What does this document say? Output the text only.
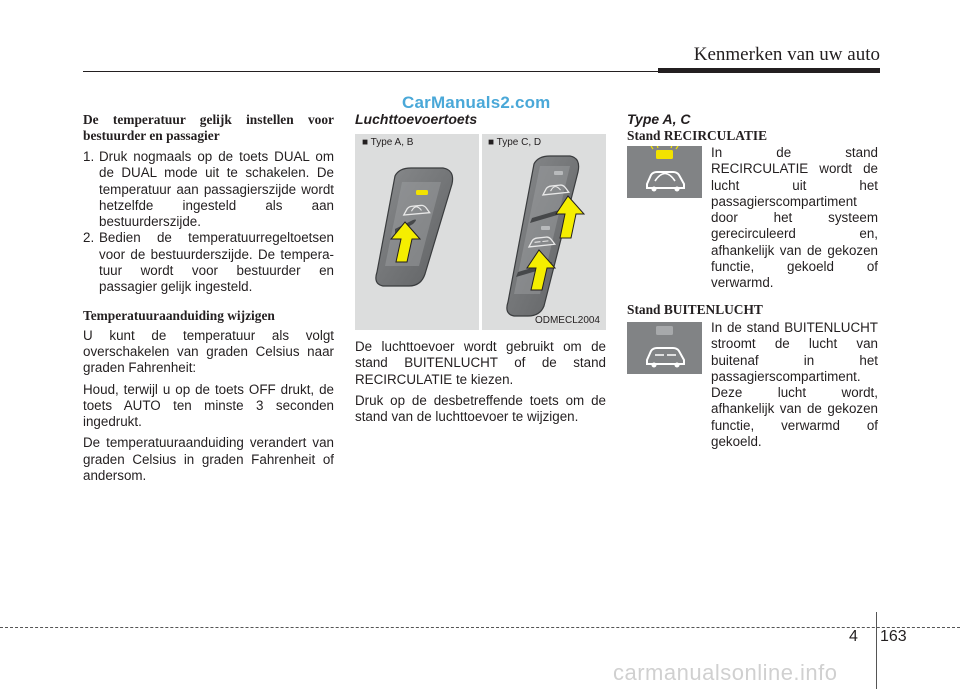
Kenmerken van uw auto
CarManuals2.com

De temperatuur gelijk instellen voor bestuurder en passagier

1. Druk nogmaals op de toets DUAL om de DUAL mode uit te schakelen. De temperatuur aan passagierszijde wordt hetzelfde ingesteld als aan bestuurderszijde.
2. Bedien de temperatuurregeltoetsen voor de bestuurderszijde. De tempera-tuur wordt voor bestuurder en passagier gelijk ingesteld.

Temperatuuraanduiding wijzigen

U kunt de temperatuur als volgt overschakelen van graden Celsius naar graden Fahrenheit:

Houd, terwijl u op de toets OFF drukt, de toets AUTO ten minste 3 seconden ingedrukt.

De temperatuuraanduiding verandert van graden Celsius in graden Fahrenheit of andersom.

Luchttoevoertoets
■ Type A, B	■ Type C, D
ODMECL2004

De luchttoevoer wordt gebruikt om de stand BUITENLUCHT of de stand RECIRCULATIE te kiezen.

Druk op de desbetreffende toets om de stand van de luchttoevoer te wijzigen.

Type A, C
Stand RECIRCULATIE

In de stand RECIRCULATIE wordt de lucht uit het passagierscompartiment door het systeem gerecirculeerd en, afhankelijk van de gekozen functie, gekoeld of verwarmd.

Stand BUITENLUCHT

In de stand BUITENLUCHT stroomt de lucht van buitenaf in het passagierscompartiment. Deze lucht wordt, afhankelijk van de gekozen functie, verwarmd of gekoeld.

4 163
carmanualsonline.info
